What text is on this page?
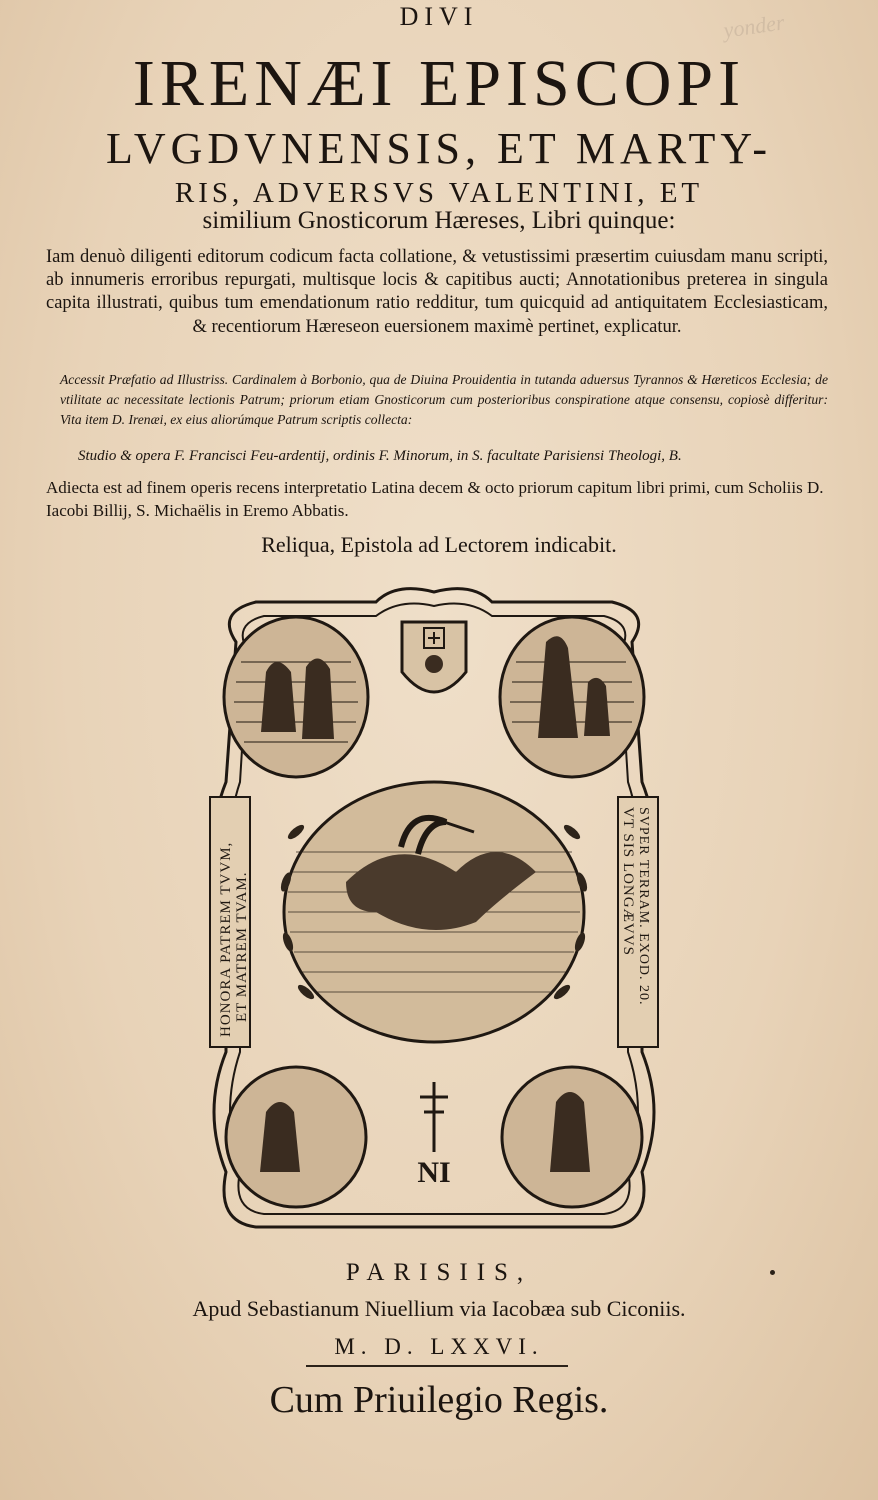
yonder
DIVI
IRENÆI EPISCOPI
LVGDVNENSIS, ET MARTY-
RIS, ADVERSVS VALENTINI, ET
similium Gnosticorum Hæreses, Libri quinque:
Iam denuò diligenti editorum codicum facta collatione, & vetustissimi præsertim cuiusdam manu scripti, ab innumeris erroribus repurgati, multisque locis & capitibus aucti; Annotationibus preterea in singula capita illustrati, quibus tum emendationum ratio redditur, tum quicquid ad antiquitatem Ecclesiasticam, & recentiorum Hæreseon euersionem maximè pertinet, explicatur.
Accessit Præfatio ad Illustriss. Cardinalem à Borbonio, qua de Diuina Prouidentia in tutanda aduersus Tyrannos & Hæreticos Ecclesia; de vtilitate ac necessitate lectionis Patrum; priorum etiam Gnosticorum cum posterioribus conspiratione atque consensu, copiosè differitur: Vita item D. Irenæi, ex eius aliorúmque Patrum scriptis collecta:
Studio & opera F. Francisci Feu-ardentij, ordinis F. Minorum, in S. facultate Parisiensi Theologi, B.
Adiecta est ad finem operis recens interpretatio Latina decem & octo priorum capitum libri primi, cum Scholiis D. Iacobi Billij, S. Michaëlis in Eremo Abbatis.
Reliqua, Epistola ad Lectorem indicabit.
NI
HONORA PATREM TVVM, ET MATREM TVAM.	VT SIS LONGÆVVS SVPER TERRAM. EXOD. 20.
PARISIIS,
Apud Sebastianum Niuellium via Iacobæa sub Ciconiis.
M. D. LXXVI.
Cum Priuilegio Regis.
